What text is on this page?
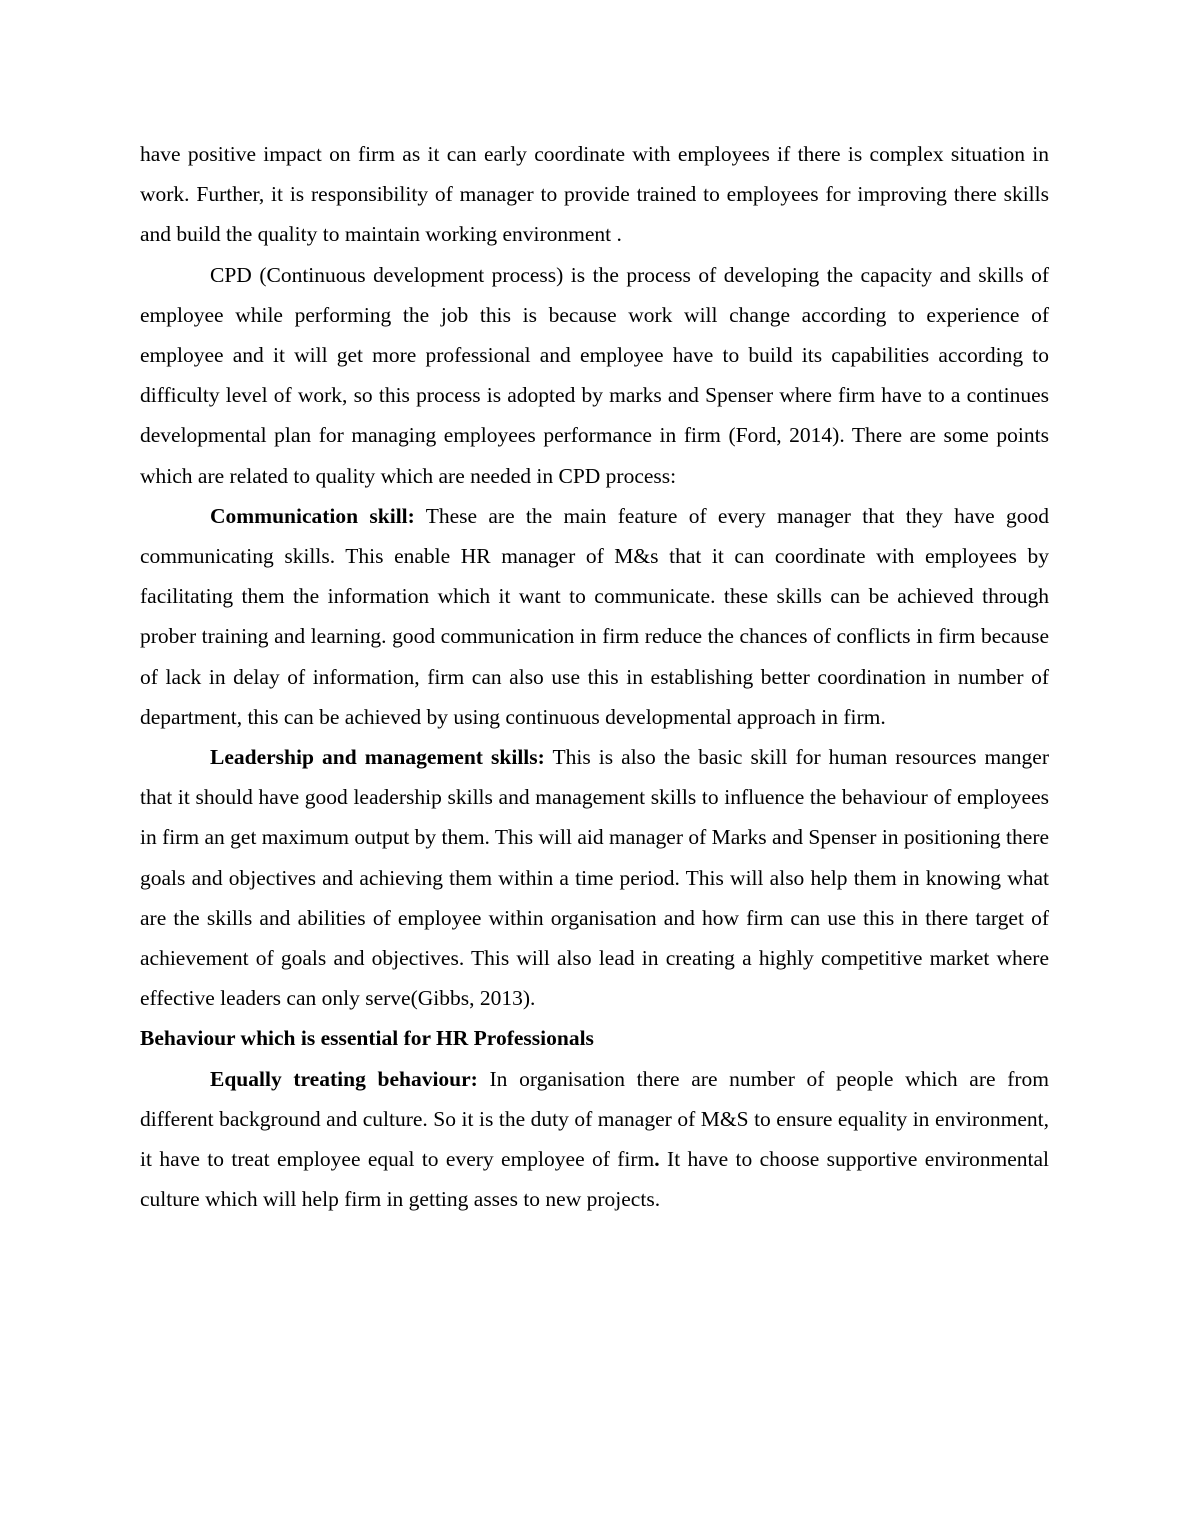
have positive impact on firm as it can early coordinate with employees if there is complex situation in work. Further, it is responsibility of manager to provide trained to employees for improving there skills and build the quality to maintain working environment .

CPD (Continuous development process) is the process of developing the capacity and skills of employee while performing the job this is because work will change according to experience of employee and it will get more professional and employee have to build its capabilities according to difficulty level of work, so this process is adopted by marks and Spenser where firm have to a continues developmental plan for managing employees performance in firm (Ford, 2014). There are some points which are related to quality which are needed in CPD process:

Communication skill: These are the main feature of every manager that they have good communicating skills. This enable HR manager of M&s that it can coordinate with employees by facilitating them the information which it want to communicate. these skills can be achieved through prober training and learning. good communication in firm reduce the chances of conflicts in firm because of lack in delay of information, firm can also use this in establishing better coordination in number of department, this can be achieved by using continuous developmental approach in firm.

Leadership and management skills: This is also the basic skill for human resources manger that it should have good leadership skills and management skills to influence the behaviour of employees in firm an get maximum output by them. This will aid manager of Marks and Spenser in positioning there goals and objectives and achieving them within a time period. This will also help them in knowing what are the skills and abilities of employee within organisation and how firm can use this in there target of achievement of goals and objectives. This will also lead in creating a highly competitive market where effective leaders can only serve(Gibbs, 2013).

Behaviour which is essential for HR Professionals

Equally treating behaviour: In organisation there are number of people which are from different background and culture. So it is the duty of manager of M&S to ensure equality in environment, it have to treat employee equal to every employee of firm. It have to choose supportive environmental culture which will help firm in getting asses to new projects.
